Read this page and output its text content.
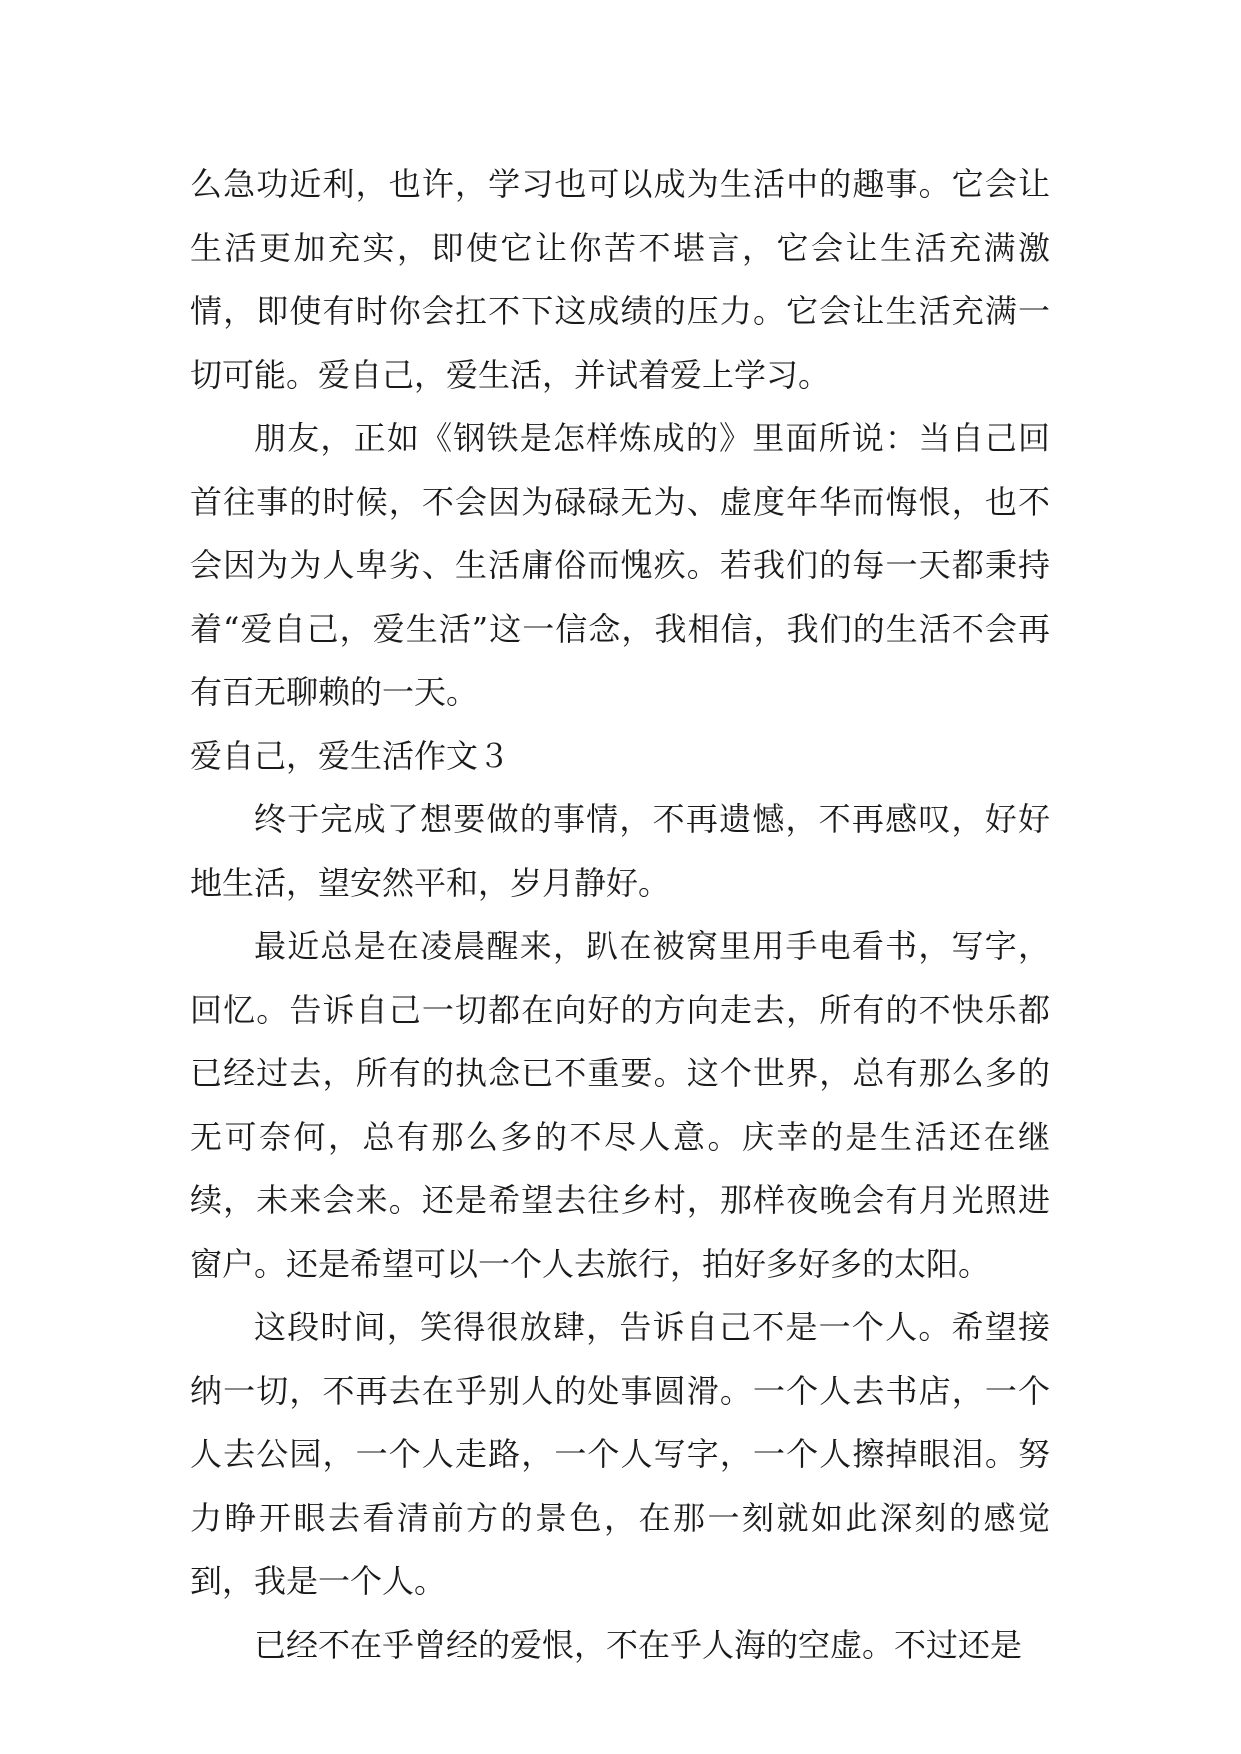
么急功近利，也许，学习也可以成为生活中的趣事。它会让生活更加充实，即使它让你苦不堪言，它会让生活充满激情，即使有时你会扛不下这成绩的压力。它会让生活充满一切可能。爱自己，爱生活，并试着爱上学习。

朋友，正如《钢铁是怎样炼成的》里面所说：当自己回首往事的时候，不会因为碌碌无为、虚度年华而悔恨，也不会因为为人卑劣、生活庸俗而愧疚。若我们的每一天都秉持着“爱自己，爱生活”这一信念，我相信，我们的生活不会再有百无聊赖的一天。

爱自己，爱生活作文３

终于完成了想要做的事情，不再遗憾，不再感叹，好好地生活，望安然平和，岁月静好。

最近总是在凌晨醒来，趴在被窝里用手电看书，写字，回忆。告诉自己一切都在向好的方向走去，所有的不快乐都已经过去，所有的执念已不重要。这个世界，总有那么多的无可奈何，总有那么多的不尽人意。庆幸的是生活还在继续，未来会来。还是希望去往乡村，那样夜晚会有月光照进窗户。还是希望可以一个人去旅行，拍好多好多的太阳。

这段时间，笑得很放肆，告诉自己不是一个人。希望接纳一切，不再去在乎别人的处事圆滑。一个人去书店，一个人去公园，一个人走路，一个人写字，一个人擦掉眼泪。努力睁开眼去看清前方的景色，在那一刻就如此深刻的感觉到，我是一个人。

已经不在乎曾经的爱恨，不在乎人海的空虚。不过还是
